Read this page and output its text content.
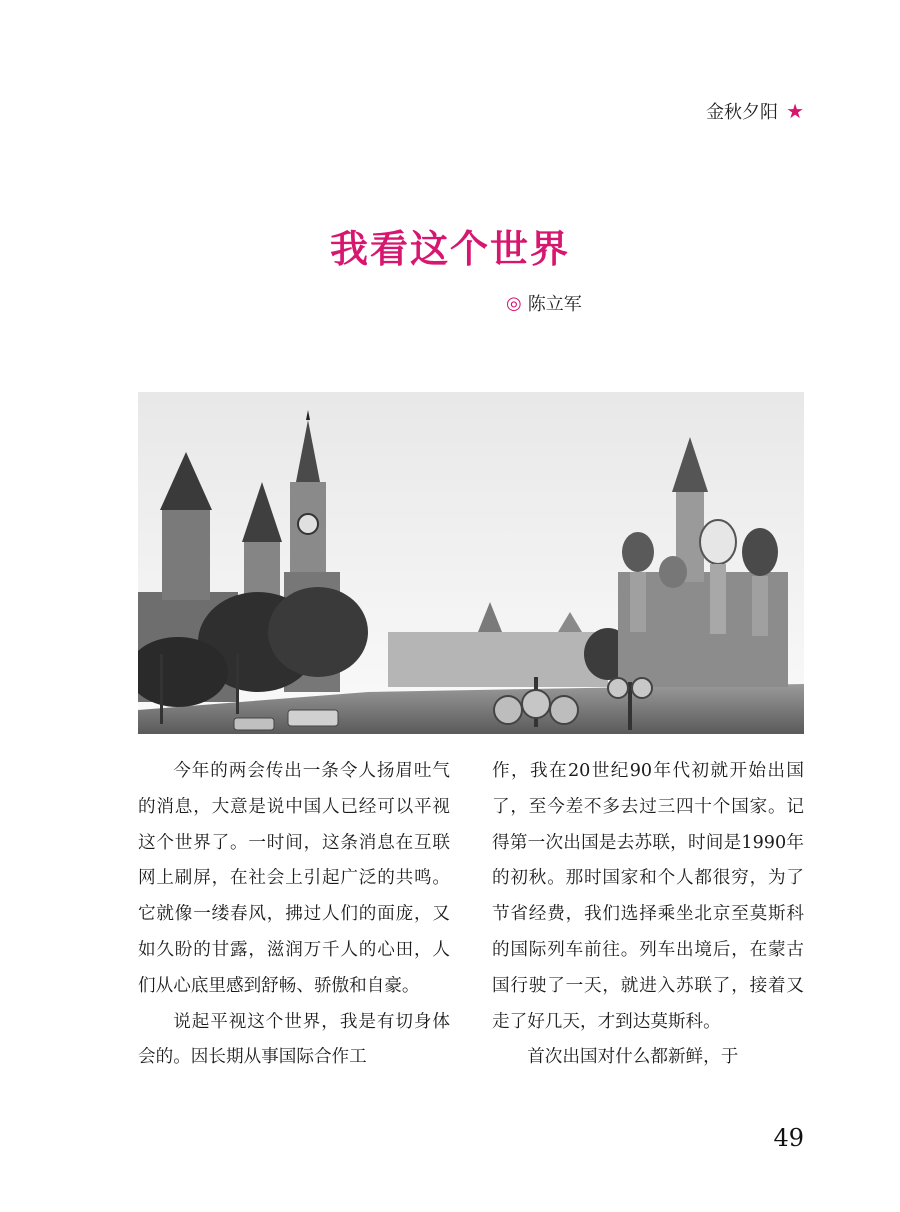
金秋夕阳 ★
我看这个世界
◎ 陈立军

今年的两会传出一条令人扬眉吐气的消息，大意是说中国人已经可以平视这个世界了。一时间，这条消息在互联网上刷屏，在社会上引起广泛的共鸣。它就像一缕春风，拂过人们的面庞，又如久盼的甘露，滋润万千人的心田，人们从心底里感到舒畅、骄傲和自豪。

说起平视这个世界，我是有切身体会的。因长期从事国际合作工

作，我在20世纪90年代初就开始出国了，至今差不多去过三四十个国家。记得第一次出国是去苏联，时间是1990年的初秋。那时国家和个人都很穷，为了节省经费，我们选择乘坐北京至莫斯科的国际列车前往。列车出境后，在蒙古国行驶了一天，就进入苏联了，接着又走了好几天，才到达莫斯科。

首次出国对什么都新鲜，于

49
